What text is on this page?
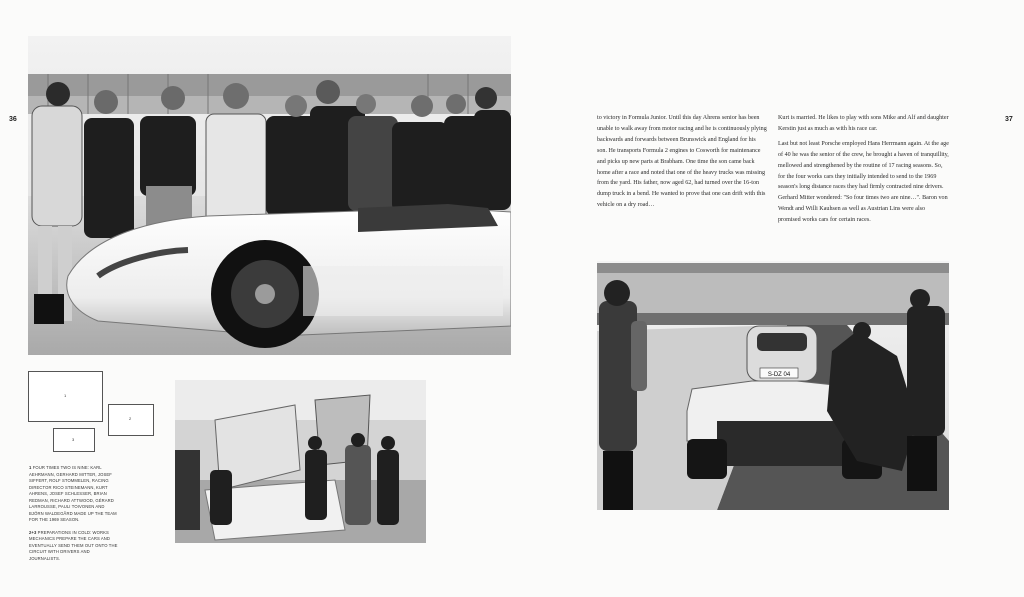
36	37
1
2
3

1 FOUR TIMES TWO IS NINE: KARL AEHRMANN, GERHARD MITTER, JOSEF SIFFERT, ROLF STOMMELEN, RACING DIRECTOR RICO STEINEMANN, KURT AHRENS, JOSEF SCHLESSER, BRIAN REDMAN, RICHARD ATTWOOD, GÉRARD LARROUSSE, PAULI TOIVONEN AND BJÖRN WALDEGÅRD MADE UP THE TEAM FOR THE 1969 SEASON.

2+3 PREPARATIONS IN COLD: WORKS MECHANICS PREPARE THE CARS AND EVENTUALLY SEND THEM OUT ONTO THE CIRCUIT WITH DRIVERS AND JOURNALISTS.

to victory in Formula Junior. Until this day Ahrens senior has been unable to walk away from motor racing and he is continuously plying backwards and forwards between Brunswick and England for his son. He transports Formula 2 engines to Cosworth for maintenance and picks up new parts at Brabham. One time the son came back home after a race and noted that one of the heavy trucks was missing from the yard. His father, now aged 62, had turned over the 16-ton dump truck in a bend. He wanted to prove that one can drift with this vehicle on a dry road…

Kurt is married. He likes to play with sons Mike and Alf and daughter Kerstin just as much as with his race car.

Last but not least Porsche employed Hans Herrmann again. At the age of 40 he was the senior of the crew, he brought a haven of tranquillity, mellowed and strengthened by the routine of 17 racing seasons. So, for the four works cars they initially intended to send to the 1969 season's long distance races they had firmly contracted nine drivers. Gerhard Mitter wondered: "So four times two are nine…". Baron von Wendt and Willi Kauhsen as well as Austrian Lins were also promised works cars for certain races.

S-DZ 04
